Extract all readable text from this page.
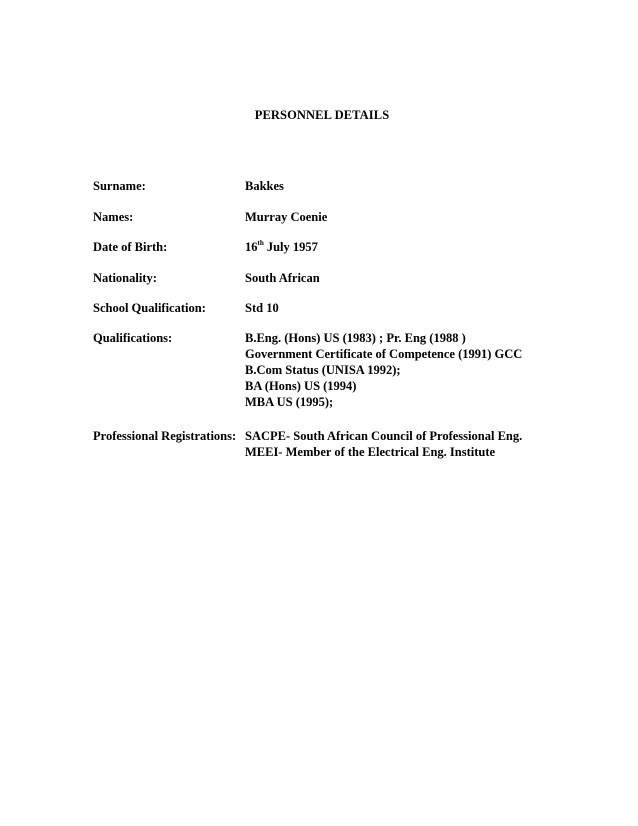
PERSONNEL DETAILS
Surname:	Bakkes
Names:	Murray Coenie
Date of Birth:	16th July 1957
Nationality:	South African
School Qualification:	Std 10
Qualifications:	B.Eng. (Hons) US (1983) ; Pr. Eng (1988 )
Government Certificate of Competence (1991) GCC
B.Com Status (UNISA 1992);
BA (Hons) US (1994)
MBA US (1995);
Professional Registrations: SACPE- South African Council of Professional Eng.
MEEI- Member of the Electrical Eng. Institute
